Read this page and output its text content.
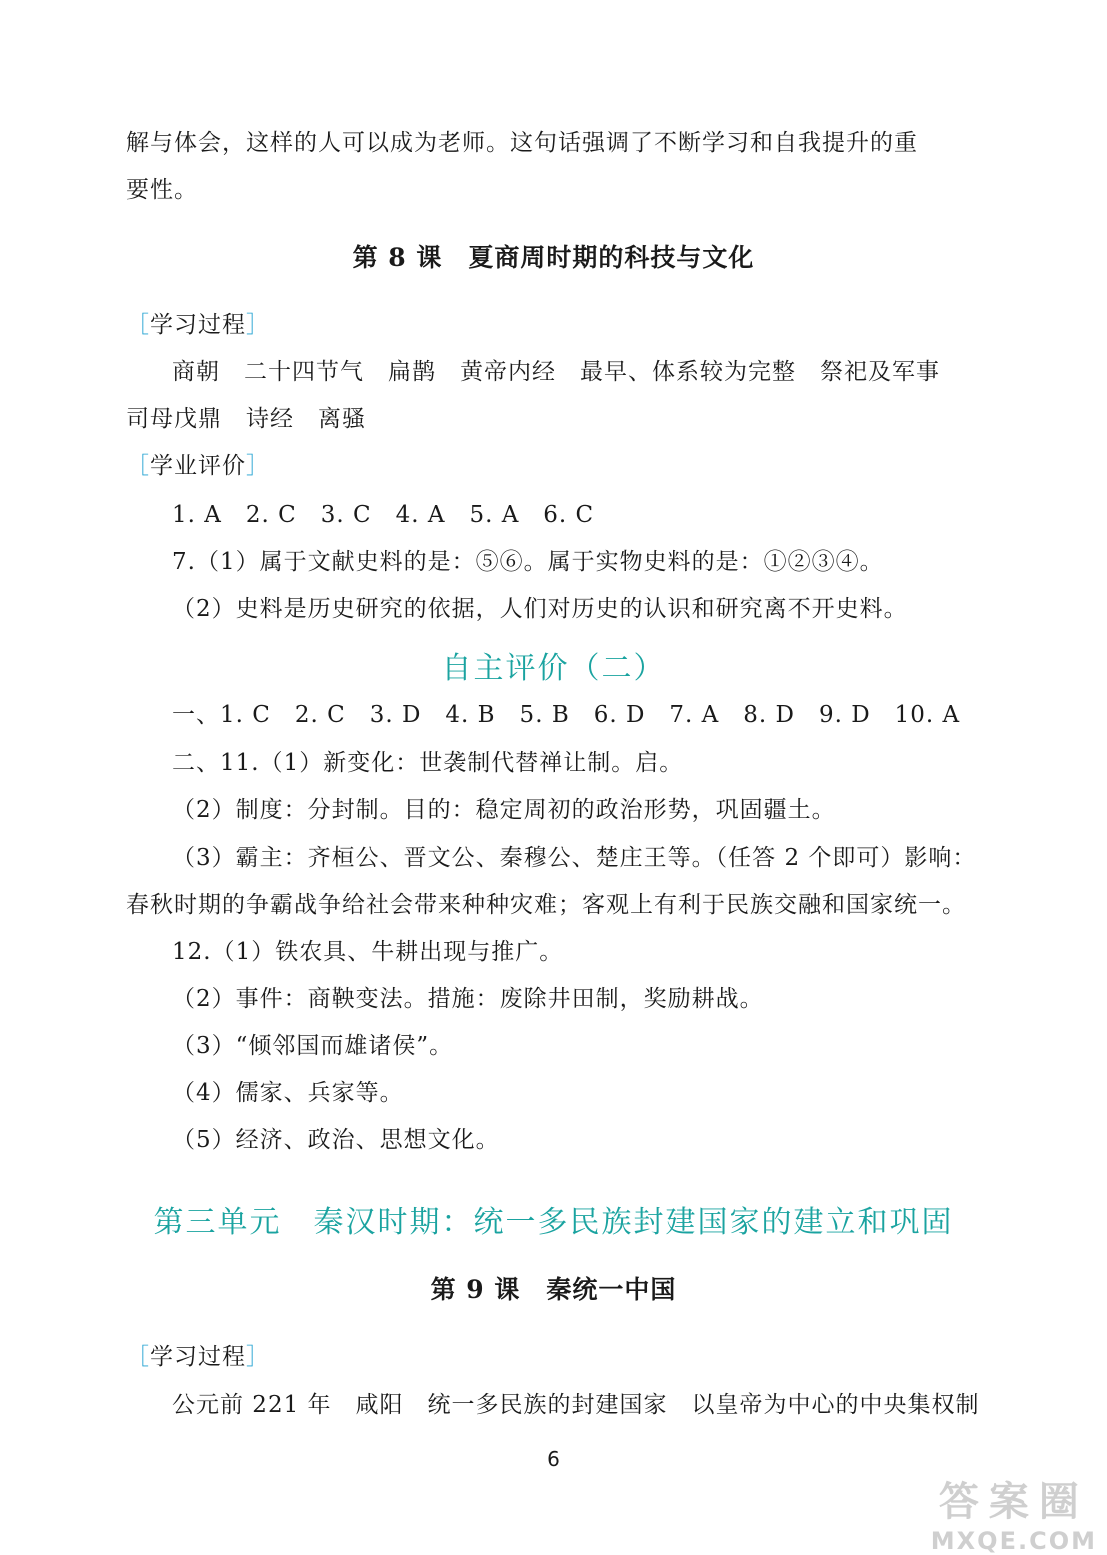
解与体会，这样的人可以成为老师。这句话强调了不断学习和自我提升的重
要性。
第 8 课　夏商周时期的科技与文化
［学习过程］
商朝　二十四节气　扁鹊　黄帝内经　最早、体系较为完整　祭祀及军事
司母戊鼎　诗经　离骚
［学业评价］
1. A　2. C　3. C　4. A　5. A　6. C
7.（1）属于文献史料的是：⑤⑥。属于实物史料的是：①②③④。
（2）史料是历史研究的依据，人们对历史的认识和研究离不开史料。
自主评价（二）
一、1. C　2. C　3. D　4. B　5. B　6. D　7. A　8. D　9. D　10. A
二、11.（1）新变化：世袭制代替禅让制。启。
（2）制度：分封制。目的：稳定周初的政治形势，巩固疆土。
（3）霸主：齐桓公、晋文公、秦穆公、楚庄王等。（任答 2 个即可）影响：
春秋时期的争霸战争给社会带来种种灾难；客观上有利于民族交融和国家统一。
12.（1）铁农具、牛耕出现与推广。
（2）事件：商鞅变法。措施：废除井田制，奖励耕战。
（3）“倾邻国而雄诸侯”。
（4）儒家、兵家等。
（5）经济、政治、思想文化。
第三单元　秦汉时期：统一多民族封建国家的建立和巩固
第 9 课　秦统一中国
［学习过程］
公元前 221 年　咸阳　统一多民族的封建国家　以皇帝为中心的中央集权制
6
答案圈
MXQE.COM
